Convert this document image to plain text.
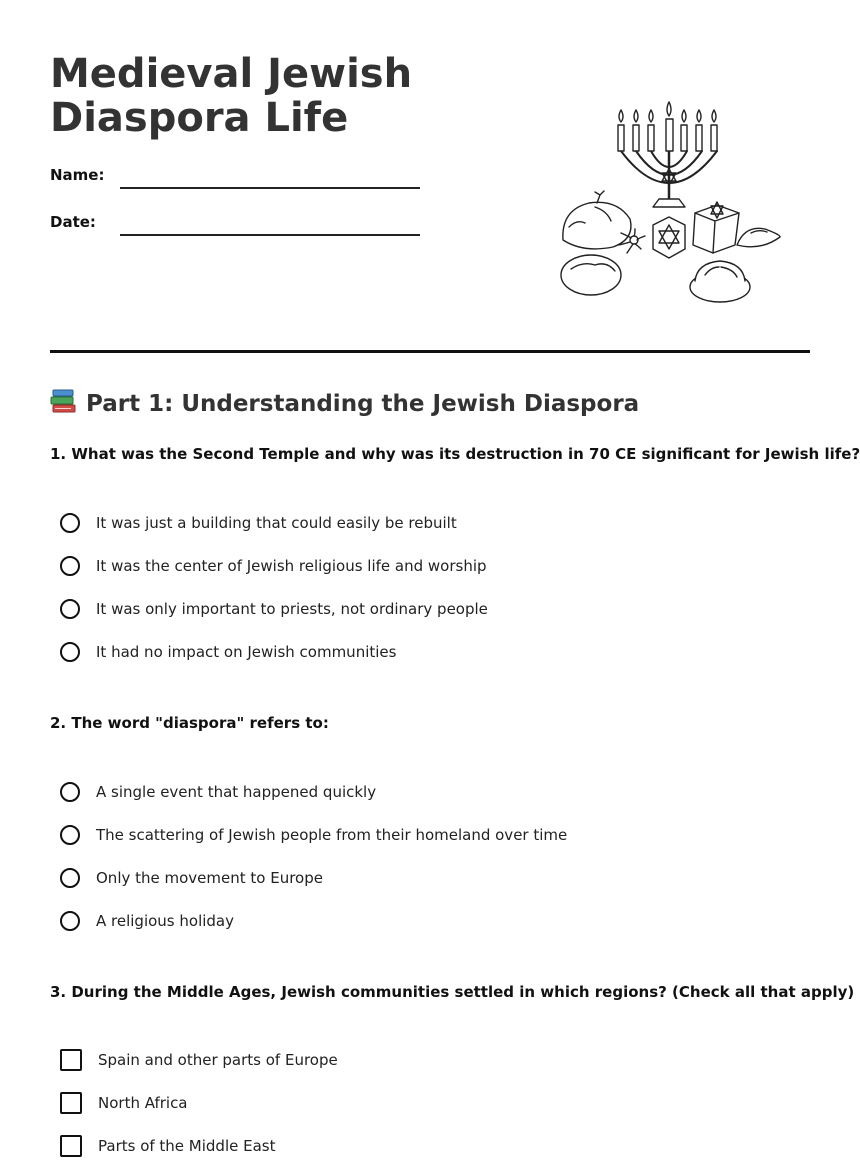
Medieval Jewish
Diaspora Life
Name:
Date:
Part 1: Understanding the Jewish Diaspora

1. What was the Second Temple and why was its destruction in 70 CE significant for Jewish life?

It was just a building that could easily be rebuilt
It was the center of Jewish religious life and worship
It was only important to priests, not ordinary people
It had no impact on Jewish communities

2. The word "diaspora" refers to:

A single event that happened quickly
The scattering of Jewish people from their homeland over time
Only the movement to Europe
A religious holiday

3. During the Middle Ages, Jewish communities settled in which regions? (Check all that apply)

Spain and other parts of Europe
North Africa
Parts of the Middle East
